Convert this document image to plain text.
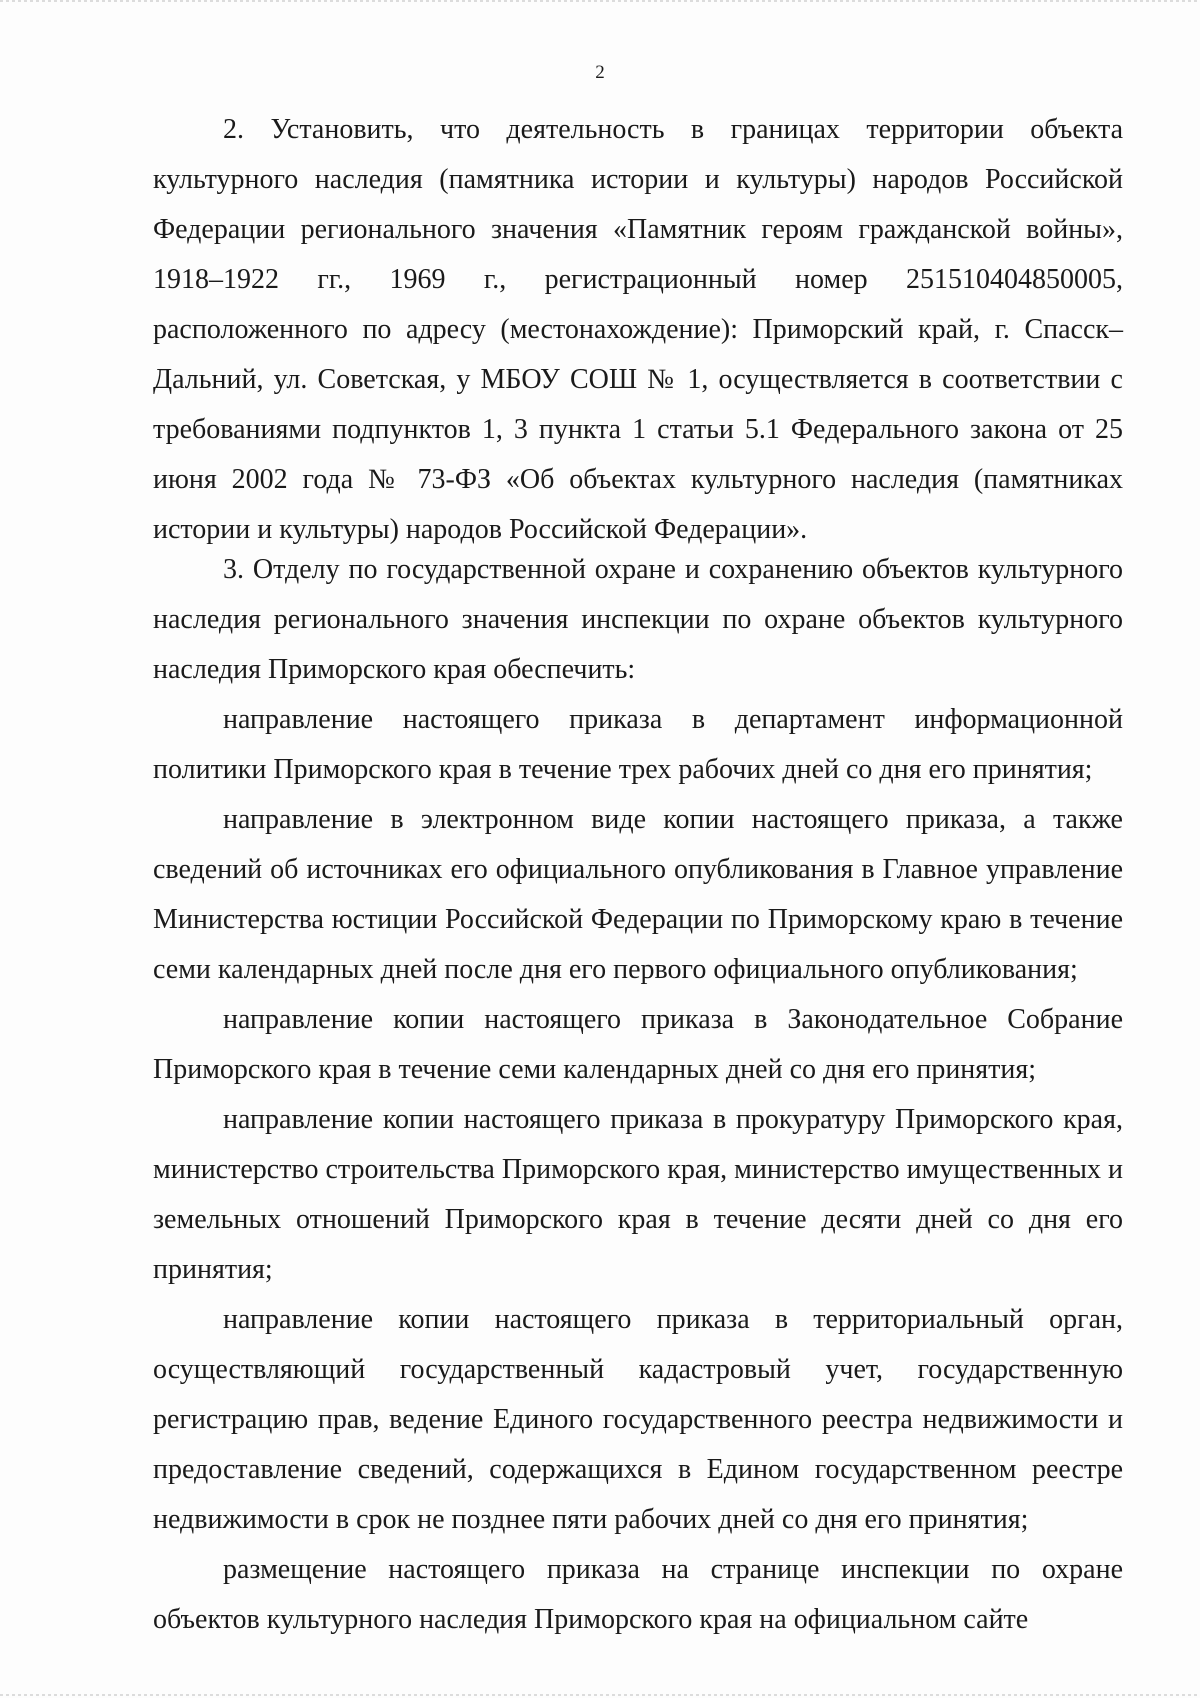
2

2. Установить, что деятельность в границах территории объекта культурного наследия (памятника истории и культуры) народов Российской Федерации регионального значения «Памятник героям гражданской войны», 1918–1922 гг., 1969 г., регистрационный номер 251510404850005, расположенного по адресу (местонахождение): Приморский край, г. Спасск–Дальний, ул. Советская, у МБОУ СОШ № 1, осуществляется в соответствии с требованиями подпунктов 1, 3 пункта 1 статьи 5.1 Федерального закона от 25 июня 2002 года № 73-ФЗ «Об объектах культурного наследия (памятниках истории и культуры) народов Российской Федерации».

3. Отделу по государственной охране и сохранению объектов культурного наследия регионального значения инспекции по охране объектов культурного наследия Приморского края обеспечить:

направление настоящего приказа в департамент информационной политики Приморского края в течение трех рабочих дней со дня его принятия;

направление в электронном виде копии настоящего приказа, а также сведений об источниках его официального опубликования в Главное управление Министерства юстиции Российской Федерации по Приморскому краю в течение семи календарных дней после дня его первого официального опубликования;

направление копии настоящего приказа в Законодательное Собрание Приморского края в течение семи календарных дней со дня его принятия;

направление копии настоящего приказа в прокуратуру Приморского края, министерство строительства Приморского края, министерство имущественных и земельных отношений Приморского края в течение десяти дней со дня его принятия;

направление копии настоящего приказа в территориальный орган, осуществляющий государственный кадастровый учет, государственную регистрацию прав, ведение Единого государственного реестра недвижимости и предоставление сведений, содержащихся в Едином государственном реестре недвижимости в срок не позднее пяти рабочих дней со дня его принятия;

размещение настоящего приказа на странице инспекции по охране объектов культурного наследия Приморского края на официальном сайте
